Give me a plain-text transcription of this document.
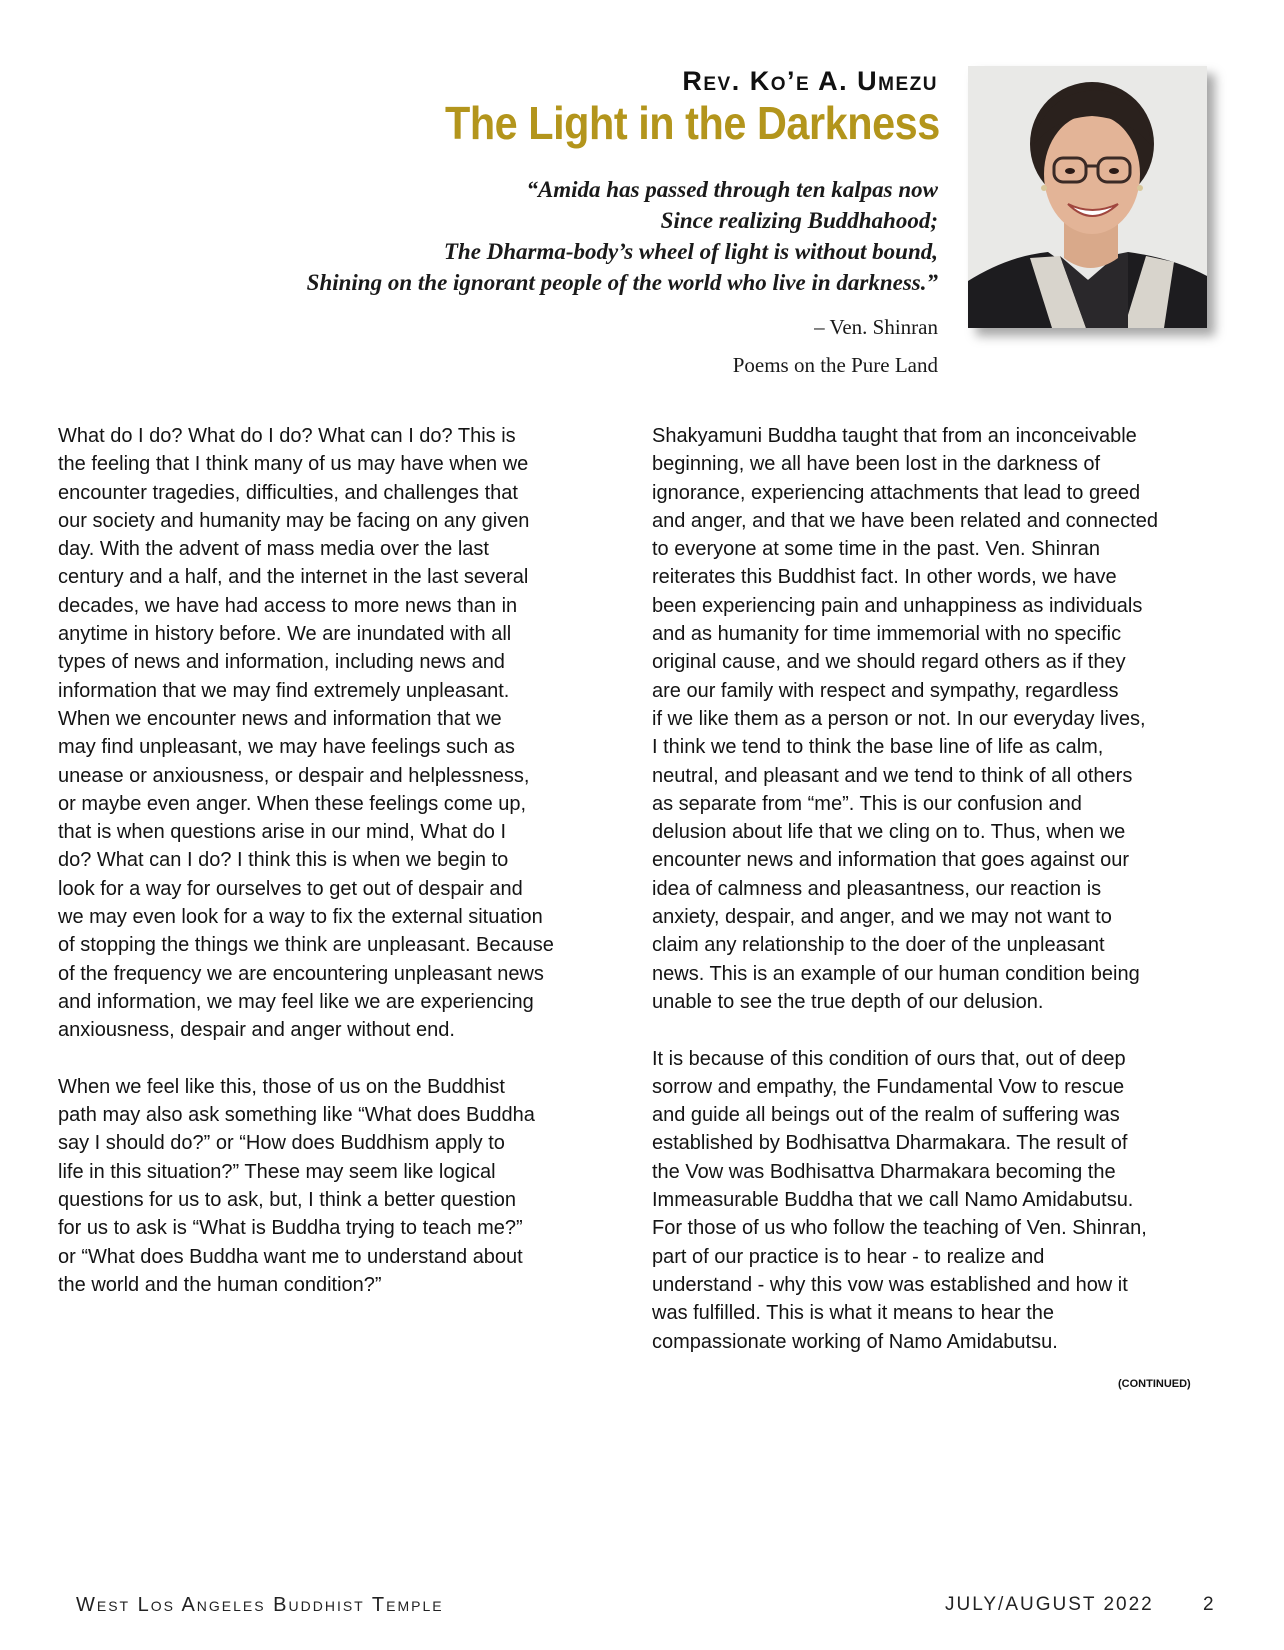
Rev. Ko’e A. Umezu
The Light in the Darkness
“Amida has passed through ten kalpas now
Since realizing Buddhahood;
The Dharma-body’s wheel of light is without bound,
Shining on the ignorant people of the world who live in darkness.”
– Ven. Shinran
Poems on the Pure Land

What do I do? What do I do? What can I do? This is

the feeling that I think many of us may have when we

encounter tragedies, difficulties, and challenges that

our society and humanity may be facing on any given

day. With the advent of mass media over the last

century and a half, and the internet in the last several

decades, we have had access to more news than in

anytime in history before. We are inundated with all

types of news and information, including news and

information that we may find extremely unpleasant.

When we encounter news and information that we

may find unpleasant, we may have feelings such as

unease or anxiousness, or despair and helplessness,

or maybe even anger. When these feelings come up,

that is when questions arise in our mind, What do I

do? What can I do? I think this is when we begin to

look for a way for ourselves to get out of despair and

we may even look for a way to fix the external situation

of stopping the things we think are unpleasant. Because

of the frequency we are encountering unpleasant news

and information, we may feel like we are experiencing

anxiousness, despair and anger without end.

When we feel like this, those of us on the Buddhist

path may also ask something like “What does Buddha

say I should do?” or “How does Buddhism apply to

life in this situation?” These may seem like logical

questions for us to ask, but, I think a better question

for us to ask is “What is Buddha trying to teach me?”

or “What does Buddha want me to understand about

the world and the human condition?”

Shakyamuni Buddha taught that from an inconceivable

beginning, we all have been lost in the darkness of

ignorance, experiencing attachments that lead to greed

and anger, and that we have been related and connected

to everyone at some time in the past. Ven. Shinran

reiterates this Buddhist fact. In other words, we have

been experiencing pain and unhappiness as individuals

and as humanity for time immemorial with no specific

original cause, and we should regard others as if they

are our family with respect and sympathy, regardless

if we like them as a person or not. In our everyday lives,

I think we tend to think the base line of life as calm,

neutral, and pleasant and we tend to think of all others

as separate from “me”. This is our confusion and

delusion about life that we cling on to. Thus, when we

encounter news and information that goes against our

idea of calmness and pleasantness, our reaction is

anxiety, despair, and anger, and we may not want to

claim any relationship to the doer of the unpleasant

news. This is an example of our human condition being

unable to see the true depth of our delusion.

It is because of this condition of ours that, out of deep

sorrow and empathy, the Fundamental Vow to rescue

and guide all beings out of the realm of suffering was

established by Bodhisattva Dharmakara. The result of

the Vow was Bodhisattva Dharmakara becoming the

Immeasurable Buddha that we call Namo Amidabutsu.

For those of us who follow the teaching of Ven. Shinran,

part of our practice is to hear - to realize and

understand - why this vow was established and how it

was fulfilled. This is what it means to hear the

compassionate working of Namo Amidabutsu.

(CONTINUED)
West Los Angeles Buddhist Temple	JULY/AUGUST 2022	2
